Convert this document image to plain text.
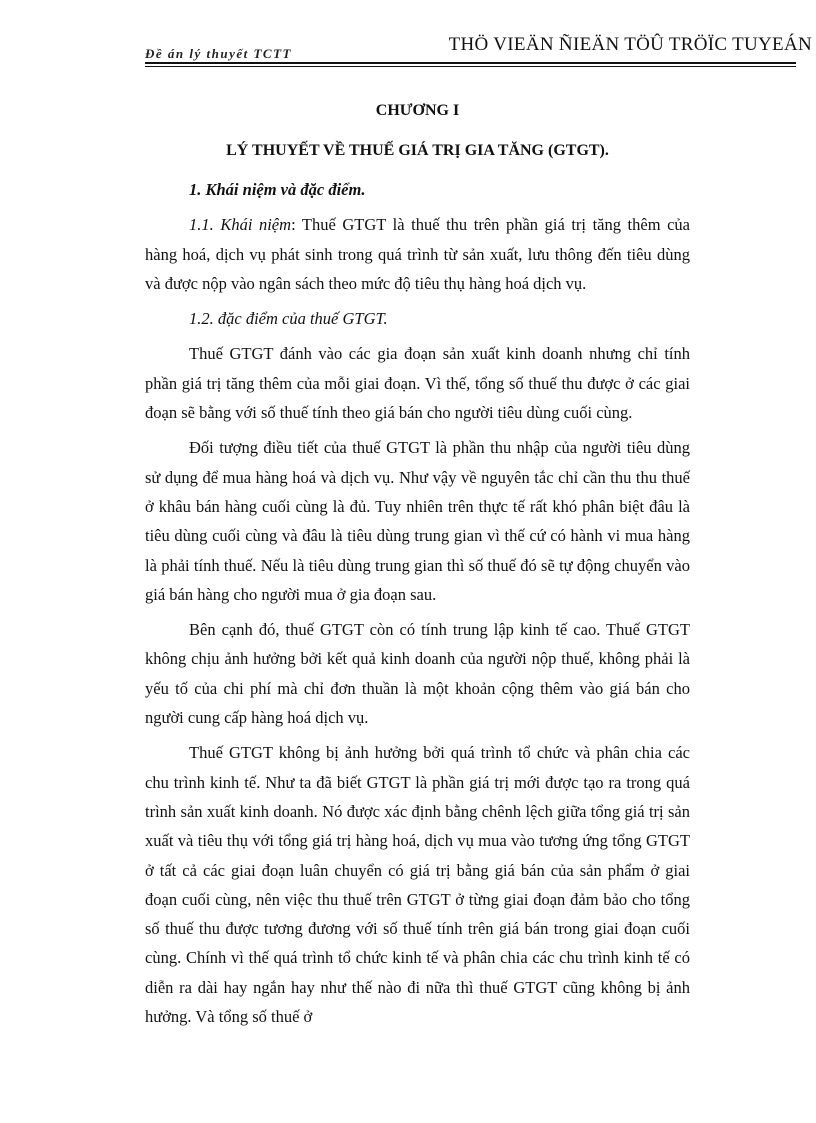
Đề án lý thuyết TCTT	THÖ VIEÄN ÑIEÄN TÖÛ TRÖÏC TUYEÁN
CHƯƠNG I
LÝ THUYẾT VỀ THUẾ GIÁ TRỊ GIA TĂNG (GTGT).
1. Khái niệm và đặc điểm.

1.1. Khái niệm: Thuế GTGT là thuế thu trên phần giá trị tăng thêm của hàng hoá, dịch vụ phát sinh trong quá trình từ sản xuất, lưu thông đến tiêu dùng và được nộp vào ngân sách theo mức độ tiêu thụ hàng hoá dịch vụ.

1.2. đặc điểm của thuế GTGT.

Thuế GTGT đánh vào các gia đoạn sản xuất kinh doanh nhưng chỉ tính phần giá trị tăng thêm của mỗi giai đoạn. Vì thế, tổng số thuế thu được ở các giai đoạn sẽ bằng với số thuế tính theo giá bán cho người tiêu dùng cuối cùng.

Đối tượng điều tiết của thuế GTGT là phần thu nhập của người tiêu dùng sử dụng để mua hàng hoá và dịch vụ. Như vậy về nguyên tắc chỉ cần thu thu thuế ở khâu bán hàng cuối cùng là đủ. Tuy nhiên trên thực tế rất khó phân biệt đâu là tiêu dùng cuối cùng và đâu là tiêu dùng trung gian vì thế cứ có hành vi mua hàng là phải tính thuế. Nếu là tiêu dùng trung gian thì số thuế đó sẽ tự động chuyển vào giá bán hàng cho người mua ở gia đoạn sau.

Bên cạnh đó, thuế GTGT còn có tính trung lập kinh tế cao. Thuế GTGT không chịu ảnh hưởng bởi kết quả kinh doanh của người nộp thuế, không phải là yếu tố của chi phí mà chỉ đơn thuần là một khoản cộng thêm vào giá bán cho người cung cấp hàng hoá dịch vụ.

Thuế GTGT không bị ảnh hưởng bởi quá trình tổ chức và phân chia các chu trình kinh tế. Như ta đã biết GTGT là phần giá trị mới được tạo ra trong quá trình sản xuất kinh doanh. Nó được xác định bằng chênh lệch giữa tổng giá trị sản xuất và tiêu thụ với tổng giá trị hàng hoá, dịch vụ mua vào tương ứng tổng GTGT ở tất cả các giai đoạn luân chuyển có giá trị bằng giá bán của sản phẩm ở giai đoạn cuối cùng, nên việc thu thuế trên GTGT ở từng giai đoạn đảm bảo cho tổng số thuế thu được tương đương với số thuế tính trên giá bán trong giai đoạn cuối cùng. Chính vì thế quá trình tổ chức kinh tế và phân chia các chu trình kinh tế có diễn ra dài hay ngắn hay như thế nào đi nữa thì thuế GTGT cũng không bị ảnh hưởng. Và tổng số thuế ở
